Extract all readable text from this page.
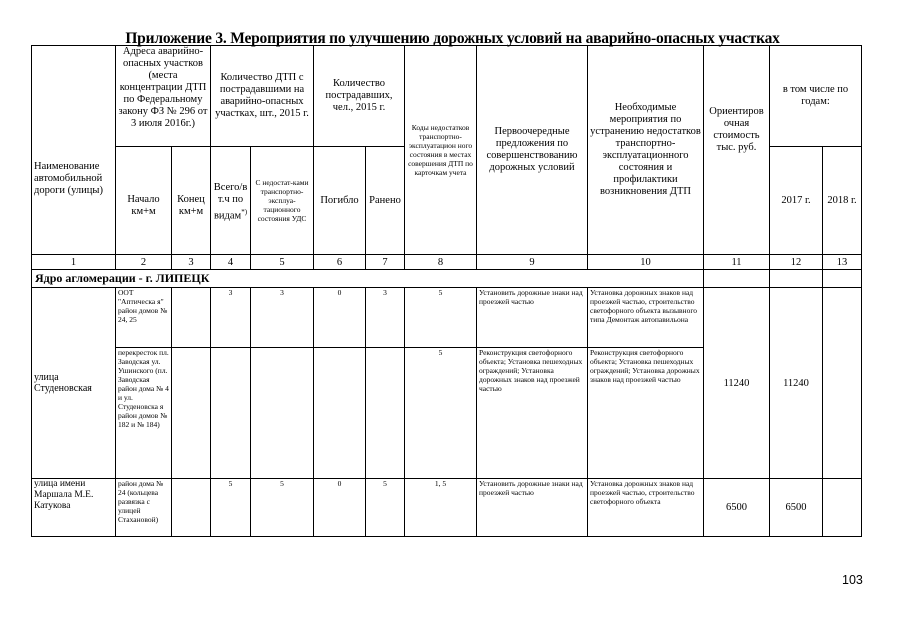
Приложение 3. Мероприятия по улучшению дорожных условий на аварийно-опасных участках
Наименование автомобильной дороги (улицы)	Адреса аварийно-опасных участков (места концентрации ДТП по Федеральному закону ФЗ № 296 от 3 июля 2016г.)		Количество ДТП с пострадавшими на аварийно-опасных участках, шт., 2015 г.		Количество пострадавших, чел., 2015 г.		Коды недостатков транспортно-эксплуатацион ного состояния в местах совершения ДТП по карточкам учета	Первоочередные предложения по совершенствованию дорожных условий	Необходимые мероприятия по устранению недостатков транспортно-эксплуатационного состояния и профилактики возникновения ДТП	Ориентиров очная стоимость тыс. руб.	в том числе по годам:	
	Начало км+м	Конец км+м	Всего/в т.ч по видам*)	С недостат-ками транспортно-эксплуа-тационного состояния УДС	Погибло	Ранено					2017 г.	2018 г.
1	2	3	4	5	6	7	8	9	10	11	12	13
Ядро агломерации - г. ЛИПЕЦК												
улица Студеновская	ООТ "Аптическа я" район домов № 24, 25		3	3	0	3	5	Установить дорожные знаки над проезжей частью	Установка дорожных знаков над проезжей частью, строительство светофорного объекта вызывного типа Демонтаж автопавильона	11240	11240	
	перекресток пл. Заводская ул. Ушинского (пл. Заводская район дома № 4 и ул. Студеновска я район домов № 182 и № 184)						5	Реконструкция светофорного объекта; Установка пешеходных ограждений; Установка дорожных знаков над проезжей частью	Реконструкция светофорного объекта; Установка пешеходных ограждений; Установка дорожных знаков над проезжей частью			
улица имени Маршала М.Е. Катукова	район дома № 24 (кольцева развязка с улицей Стахановой)		5	5	0	5	1, 5	Установить дорожные знаки над проезжей частью	Установка дорожных знаков над проезжей частью, строительство светофорного объекта	6500	6500	
103
